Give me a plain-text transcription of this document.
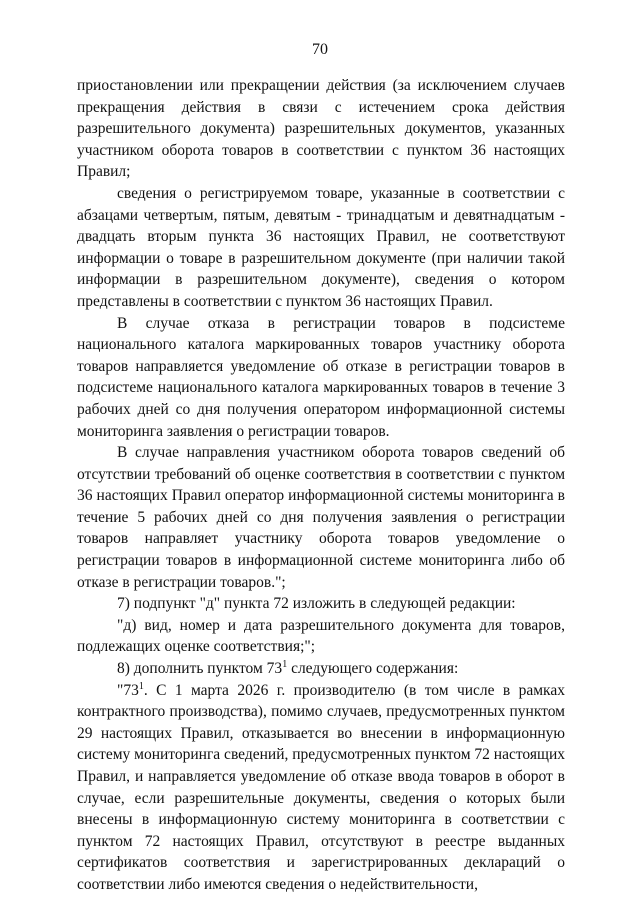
70

приостановлении или прекращении действия (за исключением случаев прекращения действия в связи с истечением срока действия разрешительного документа) разрешительных документов, указанных участником оборота товаров в соответствии с пунктом 36 настоящих Правил;

сведения о регистрируемом товаре, указанные в соответствии с абзацами четвертым, пятым, девятым - тринадцатым и девятнадцатым - двадцать вторым пункта 36 настоящих Правил, не соответствуют информации о товаре в разрешительном документе (при наличии такой информации в разрешительном документе), сведения о котором представлены в соответствии с пунктом 36 настоящих Правил.

В случае отказа в регистрации товаров в подсистеме национального каталога маркированных товаров участнику оборота товаров направляется уведомление об отказе в регистрации товаров в подсистеме национального каталога маркированных товаров в течение 3 рабочих дней со дня получения оператором информационной системы мониторинга заявления о регистрации товаров.

В случае направления участником оборота товаров сведений об отсутствии требований об оценке соответствия в соответствии с пунктом 36 настоящих Правил оператор информационной системы мониторинга в течение 5 рабочих дней со дня получения заявления о регистрации товаров направляет участнику оборота товаров уведомление о регистрации товаров в информационной системе мониторинга либо об отказе в регистрации товаров.";

7) подпункт "д" пункта 72 изложить в следующей редакции:

"д) вид, номер и дата разрешительного документа для товаров, подлежащих оценке соответствия;";

8) дополнить пунктом $73^1$ следующего содержания:

"$73^1$. С 1 марта 2026 г. производителю (в том числе в рамках контрактного производства), помимо случаев, предусмотренных пунктом 29 настоящих Правил, отказывается во внесении в информационную систему мониторинга сведений, предусмотренных пунктом 72 настоящих Правил, и направляется уведомление об отказе ввода товаров в оборот в случае, если разрешительные документы, сведения о которых были внесены в информационную систему мониторинга в соответствии с пунктом 72 настоящих Правил, отсутствуют в реестре выданных сертификатов соответствия и зарегистрированных деклараций о соответствии либо имеются сведения о недействительности,
